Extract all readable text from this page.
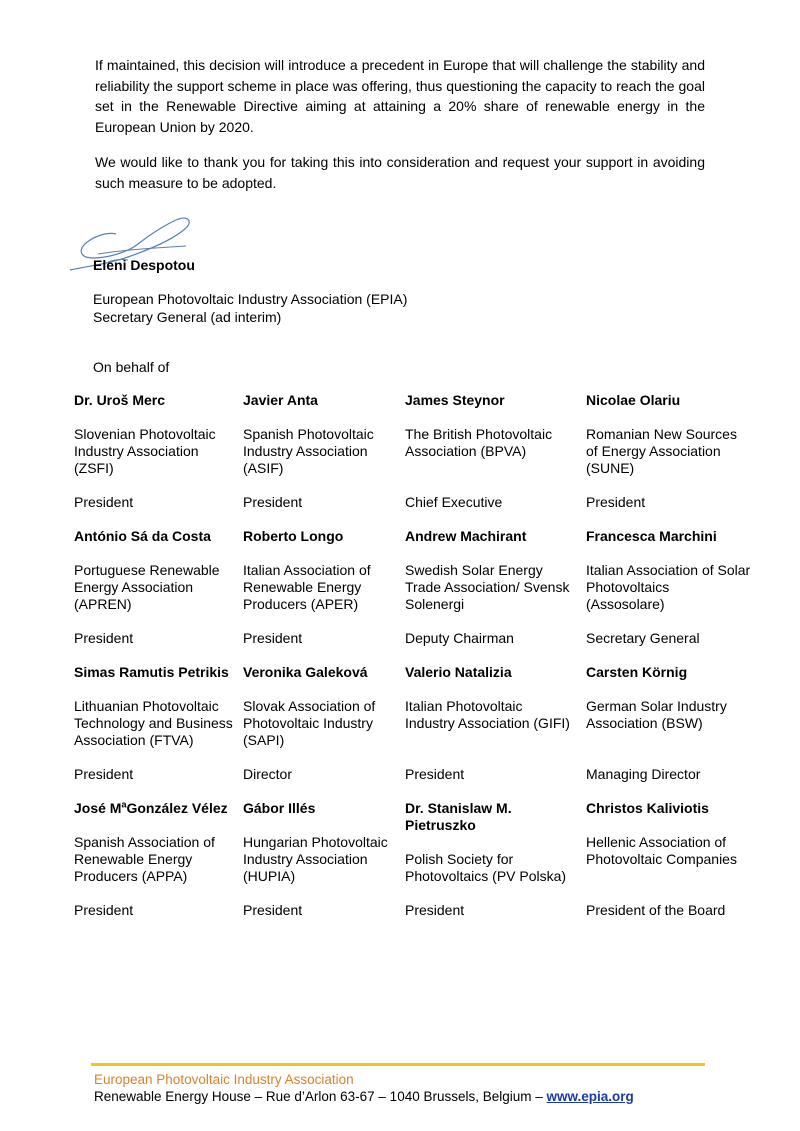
If maintained, this decision will introduce a precedent in Europe that will challenge the stability and reliability the support scheme in place was offering, thus questioning the capacity to reach the goal set in the Renewable Directive aiming at attaining a 20% share of renewable energy in the European Union by 2020.

We would like to thank you for taking this into consideration and request your support in avoiding such measure to be adopted.

Eleni Despotou
European Photovoltaic Industry Association (EPIA)
Secretary General (ad interim)
On behalf of
Dr. Uroš Merc
Slovenian Photovoltaic Industry Association (ZSFI)
President
Javier Anta
Spanish Photovoltaic Industry Association (ASIF)
President
James Steynor
The British Photovoltaic Association (BPVA)
Chief Executive
Nicolae Olariu
Romanian New Sources of Energy Association (SUNE)
President
António Sá da Costa
Portuguese Renewable Energy Association (APREN)
President
Roberto Longo
Italian Association of Renewable Energy Producers (APER)
President
Andrew Machirant
Swedish Solar Energy Trade Association/ Svensk Solenergi
Deputy Chairman
Francesca Marchini
Italian Association of Solar Photovoltaics (Assosolare)
Secretary General
Simas Ramutis Petrikis
Lithuanian Photovoltaic Technology and Business Association (FTVA)
President
Veronika Galeková
Slovak Association of Photovoltaic Industry (SAPI)
Director
Valerio Natalizia
Italian Photovoltaic Industry Association (GIFI)
President
Carsten Körnig
German Solar Industry Association (BSW)
Managing Director
José $M^aGonzález$ Vélez
Spanish Association of Renewable Energy Producers (APPA)
President
Gábor Illés
Hungarian Photovoltaic Industry Association (HUPIA)
President
Dr. Stanislaw M. Pietruszko
Polish Society for Photovoltaics (PV Polska)
President
Christos Kaliviotis
Hellenic Association of Photovoltaic Companies
President of the Board
European Photovoltaic Industry Association
Renewable Energy House – Rue d’Arlon 63-67 – 1040 Brussels, Belgium – www.epia.org
